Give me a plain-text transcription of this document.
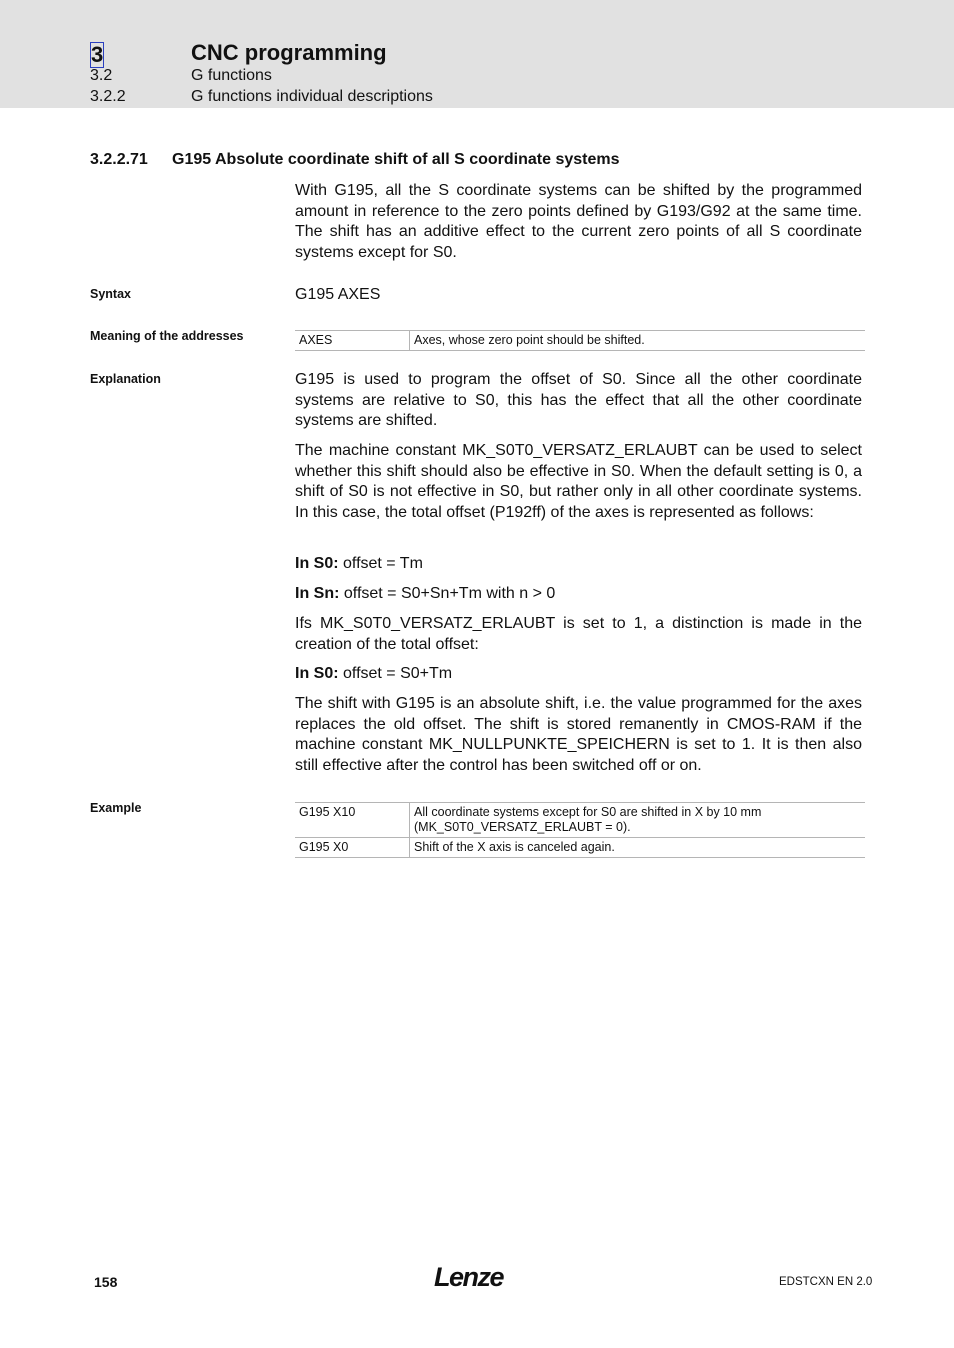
3	CNC programming
3.2	G functions
3.2.2	G functions individual descriptions
3.2.2.71 G195 Absolute coordinate shift of all S coordinate systems

With G195, all the S coordinate systems can be shifted by the programmed amount in reference to the zero points defined by G193/G92 at the same time. The shift has an additive effect to the current zero points of all S coordinate systems except for S0.

Syntax	G195 AXES
Meaning of the addresses	AXES	Axes, whose zero point should be shifted.
Explanation	G195 is used to program the offset of S0. Since all the other coordinate systems are relative to S0, this has the effect that all the other coordinate systems are shifted.

The machine constant MK_S0T0_VERSATZ_ERLAUBT can be used to select whether this shift should also be effective in S0. When the default setting is 0, a shift of S0 is not effective in S0, but rather only in all other coordinate systems. In this case, the total offset (P192ff) of the axes is represented as follows:

In S0: offset = Tm
In Sn: offset = S0+Sn+Tm with n > 0

Ifs MK_S0T0_VERSATZ_ERLAUBT is set to 1, a distinction is made in the creation of the total offset:

In S0: offset = S0+Tm

The shift with G195 is an absolute shift, i.e. the value programmed for the axes replaces the old offset. The shift is stored remanently in CMOS-RAM if the machine constant MK_NULLPUNKTE_SPEICHERN is set to 1. It is then also still effective after the control has been switched off or on.

Example	G195 X10	All coordinate systems except for S0 are shifted in X by 10 mm
(MK_S0T0_VERSATZ_ERLAUBT = 0).
G195 X0	Shift of the X axis is canceled again.
158	Lenze	EDSTCXN EN 2.0
